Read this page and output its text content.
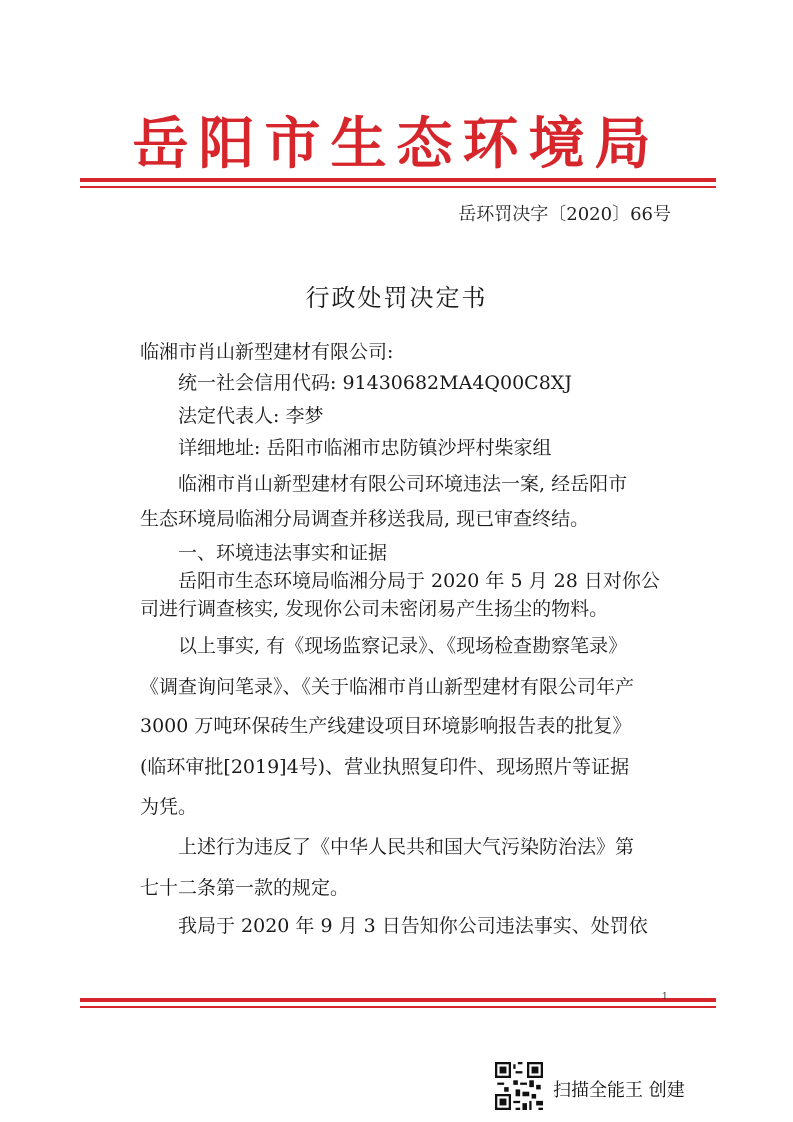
岳阳市生态环境局
岳环罚决字〔2020〕66号
行政处罚决定书
临湘市肖山新型建材有限公司:
统一社会信用代码: 91430682MA4Q00C8XJ
法定代表人: 李梦
详细地址: 岳阳市临湘市忠防镇沙坪村柴家组
临湘市肖山新型建材有限公司环境违法一案, 经岳阳市
生态环境局临湘分局调查并移送我局, 现已审查终结。
一、环境违法事实和证据
岳阳市生态环境局临湘分局于 2020 年 5 月 28 日对你公
司进行调查核实, 发现你公司未密闭易产生扬尘的物料。
以上事实, 有《现场监察记录》、《现场检查勘察笔录》
《调查询问笔录》、《关于临湘市肖山新型建材有限公司年产
3000 万吨环保砖生产线建设项目环境影响报告表的批复》
(临环审批[2019]4号)、营业执照复印件、现场照片等证据
为凭。
上述行为违反了《中华人民共和国大气污染防治法》第
七十二条第一款的规定。
我局于 2020 年 9 月 3 日告知你公司违法事实、处罚依
1
扫描全能王 创建
